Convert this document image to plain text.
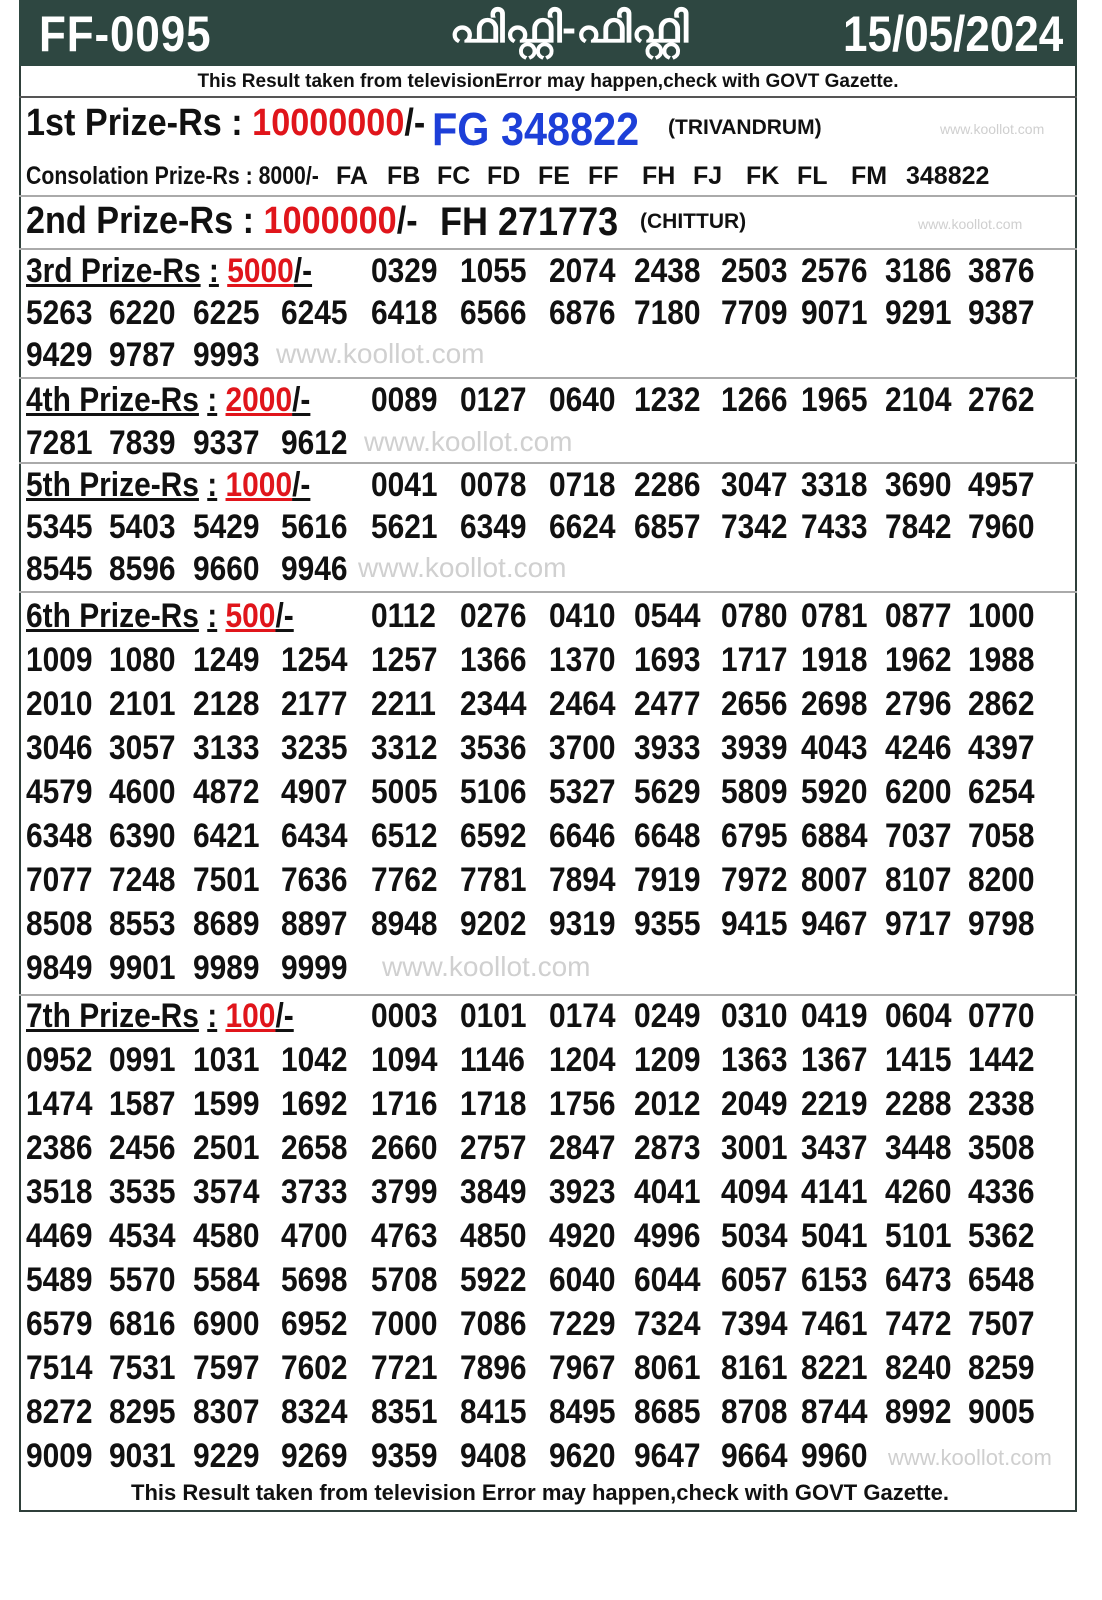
FF-0095	ഫിഫ്റ്റി-ഫിഫ്റ്റി	15/05/2024
This Result taken from televisionError may happen,check with GOVT Gazette.
1st Prize-Rs : 10000000/- FG 348822 (TRIVANDRUM)	www.koollot.com
Consolation Prize-Rs : 8000/- FA FB FC FD FE FF FH FJ FK FL FM 348822
2nd Prize-Rs : 1000000/- FH 271773 (CHITTUR)	www.koollot.com
3rd Prize-Rs : 5000/- 0329 1055 2074 2438 2503 2576 3186 3876
5263 6220 6225 6245 6418 6566 6876 7180 7709 9071 9291 9387
9429 9787 9993 www.koollot.com
4th Prize-Rs : 2000/- 0089 0127 0640 1232 1266 1965 2104 2762
7281 7839 9337 9612 www.koollot.com
5th Prize-Rs : 1000/- 0041 0078 0718 2286 3047 3318 3690 4957
5345 5403 5429 5616 5621 6349 6624 6857 7342 7433 7842 7960
8545 8596 9660 9946 www.koollot.com
6th Prize-Rs : 500/- 0112 0276 0410 0544 0780 0781 0877 1000
1009 1080 1249 1254 1257 1366 1370 1693 1717 1918 1962 1988
2010 2101 2128 2177 2211 2344 2464 2477 2656 2698 2796 2862
3046 3057 3133 3235 3312 3536 3700 3933 3939 4043 4246 4397
4579 4600 4872 4907 5005 5106 5327 5629 5809 5920 6200 6254
6348 6390 6421 6434 6512 6592 6646 6648 6795 6884 7037 7058
7077 7248 7501 7636 7762 7781 7894 7919 7972 8007 8107 8200
8508 8553 8689 8897 8948 9202 9319 9355 9415 9467 9717 9798
9849 9901 9989 9999 www.koollot.com
7th Prize-Rs : 100/- 0003 0101 0174 0249 0310 0419 0604 0770
0952 0991 1031 1042 1094 1146 1204 1209 1363 1367 1415 1442
1474 1587 1599 1692 1716 1718 1756 2012 2049 2219 2288 2338
2386 2456 2501 2658 2660 2757 2847 2873 3001 3437 3448 3508
3518 3535 3574 3733 3799 3849 3923 4041 4094 4141 4260 4336
4469 4534 4580 4700 4763 4850 4920 4996 5034 5041 5101 5362
5489 5570 5584 5698 5708 5922 6040 6044 6057 6153 6473 6548
6579 6816 6900 6952 7000 7086 7229 7324 7394 7461 7472 7507
7514 7531 7597 7602 7721 7896 7967 8061 8161 8221 8240 8259
8272 8295 8307 8324 8351 8415 8495 8685 8708 8744 8992 9005
9009 9031 9229 9269 9359 9408 9620 9647 9664 9960 www.koollot.com
This Result taken from television Error may happen,check with GOVT Gazette.
